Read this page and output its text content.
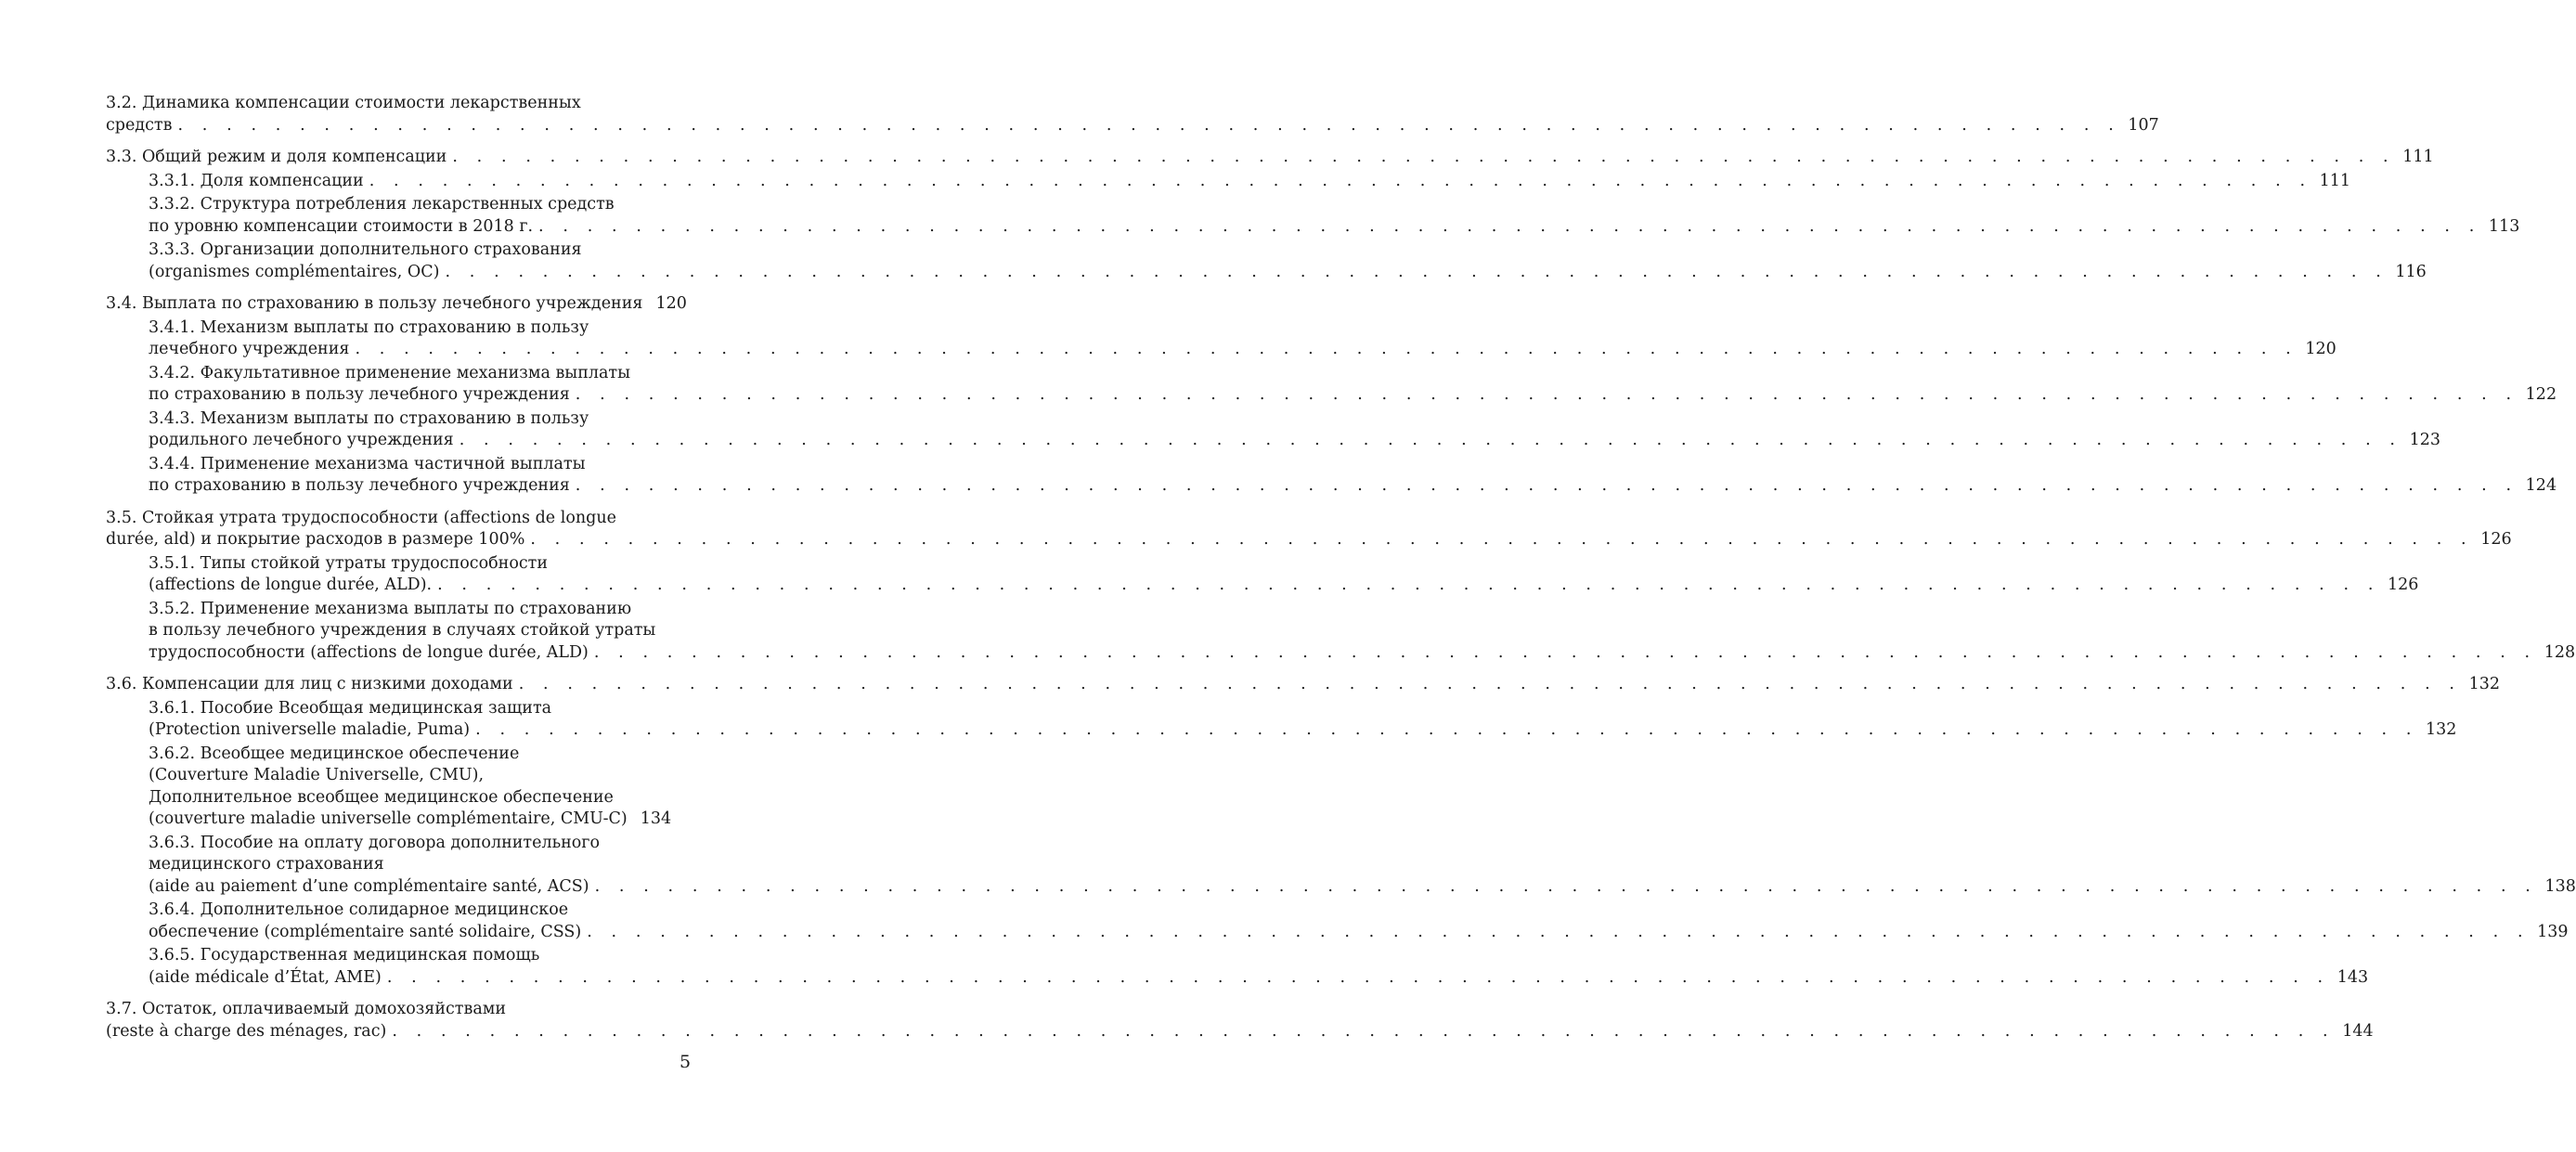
3.2. Динамика компенсации стоимости лекарственных
средств . . . . . . . . . . . . . . . . . . . . . . . . . . . . . . . . . . . . . . . . . . . . . . . . . . . . . . . . . . . . . . . . . . . . . . . . . . . . . . . . 107
3.3. Общий режим и доля компенсации . . . . . . . . . . . . . . . . . . . . . . . . . . . . . . . . . . . . . . . . . . . . . . . . . . . . . . . . . . . . . . . . . . . . . . . . . . . . . . . . 111
3.3.1. Доля компенсации . . . . . . . . . . . . . . . . . . . . . . . . . . . . . . . . . . . . . . . . . . . . . . . . . . . . . . . . . . . . . . . . . . . . . . . . . . . . . . . . 111
3.3.2. Структура потребления лекарственных средств
по уровню компенсации стоимости в 2018 г. . . . . . . . . . . . . . . . . . . . . . . . . . . . . . . . . . . . . . . . . . . . . . . . . . . . . . . . . . . . . . . . . . . . . . . . . . . . . . . . . 113
3.3.3. Организации дополнительного страхования
(organismes complémentaires, OC) . . . . . . . . . . . . . . . . . . . . . . . . . . . . . . . . . . . . . . . . . . . . . . . . . . . . . . . . . . . . . . . . . . . . . . . . . . . . . . . . 116
3.4. Выплата по страхованию в пользу лечебного учреждения 120
3.4.1. Механизм выплаты по страхованию в пользу
лечебного учреждения . . . . . . . . . . . . . . . . . . . . . . . . . . . . . . . . . . . . . . . . . . . . . . . . . . . . . . . . . . . . . . . . . . . . . . . . . . . . . . . . 120
3.4.2. Факультативное применение механизма выплаты
по страхованию в пользу лечебного учреждения . . . . . . . . . . . . . . . . . . . . . . . . . . . . . . . . . . . . . . . . . . . . . . . . . . . . . . . . . . . . . . . . . . . . . . . . . . . . . . . . 122
3.4.3. Механизм выплаты по страхованию в пользу
родильного лечебного учреждения . . . . . . . . . . . . . . . . . . . . . . . . . . . . . . . . . . . . . . . . . . . . . . . . . . . . . . . . . . . . . . . . . . . . . . . . . . . . . . . . 123
3.4.4. Применение механизма частичной выплаты
по страхованию в пользу лечебного учреждения . . . . . . . . . . . . . . . . . . . . . . . . . . . . . . . . . . . . . . . . . . . . . . . . . . . . . . . . . . . . . . . . . . . . . . . . . . . . . . . . 124
3.5. Стойкая утрата трудоспособности (affections de longue
durée, ald) и покрытие расходов в размере 100% . . . . . . . . . . . . . . . . . . . . . . . . . . . . . . . . . . . . . . . . . . . . . . . . . . . . . . . . . . . . . . . . . . . . . . . . . . . . . . . . 126
3.5.1. Типы стойкой утраты трудоспособности
(affections de longue durée, ALD). . . . . . . . . . . . . . . . . . . . . . . . . . . . . . . . . . . . . . . . . . . . . . . . . . . . . . . . . . . . . . . . . . . . . . . . . . . . . . . . . 126
3.5.2. Применение механизма выплаты по страхованию
в пользу лечебного учреждения в случаях стойкой утраты
трудоспособности (affections de longue durée, ALD) . . . . . . . . . . . . . . . . . . . . . . . . . . . . . . . . . . . . . . . . . . . . . . . . . . . . . . . . . . . . . . . . . . . . . . . . . . . . . . . . 128
3.6. Компенсации для лиц с низкими доходами . . . . . . . . . . . . . . . . . . . . . . . . . . . . . . . . . . . . . . . . . . . . . . . . . . . . . . . . . . . . . . . . . . . . . . . . . . . . . . . . 132
3.6.1. Пособие Всеобщая медицинская защита
(Protection universelle maladie, Puma) . . . . . . . . . . . . . . . . . . . . . . . . . . . . . . . . . . . . . . . . . . . . . . . . . . . . . . . . . . . . . . . . . . . . . . . . . . . . . . . . 132
3.6.2. Всеобщее медицинское обеспечение
(Couverture Maladie Universelle, CMU),
Дополнительное всеобщее медицинское обеспечение
(couverture maladie universelle complémentaire, CMU-C) 134
3.6.3. Пособие на оплату договора дополнительного
медицинского страхования
(aide au paiement d’une complémentaire santé, ACS) . . . . . . . . . . . . . . . . . . . . . . . . . . . . . . . . . . . . . . . . . . . . . . . . . . . . . . . . . . . . . . . . . . . . . . . . . . . . . . . . 138
3.6.4. Дополнительное солидарное медицинское
обеспечение (complémentaire santé solidaire, CSS) . . . . . . . . . . . . . . . . . . . . . . . . . . . . . . . . . . . . . . . . . . . . . . . . . . . . . . . . . . . . . . . . . . . . . . . . . . . . . . . . 139
3.6.5. Государственная медицинская помощь
(aide médicale d’État, AME) . . . . . . . . . . . . . . . . . . . . . . . . . . . . . . . . . . . . . . . . . . . . . . . . . . . . . . . . . . . . . . . . . . . . . . . . . . . . . . . . 143
3.7. Остаток, оплачиваемый домохозяйствами
(reste à charge des ménages, rac) . . . . . . . . . . . . . . . . . . . . . . . . . . . . . . . . . . . . . . . . . . . . . . . . . . . . . . . . . . . . . . . . . . . . . . . . . . . . . . . . 144
5
